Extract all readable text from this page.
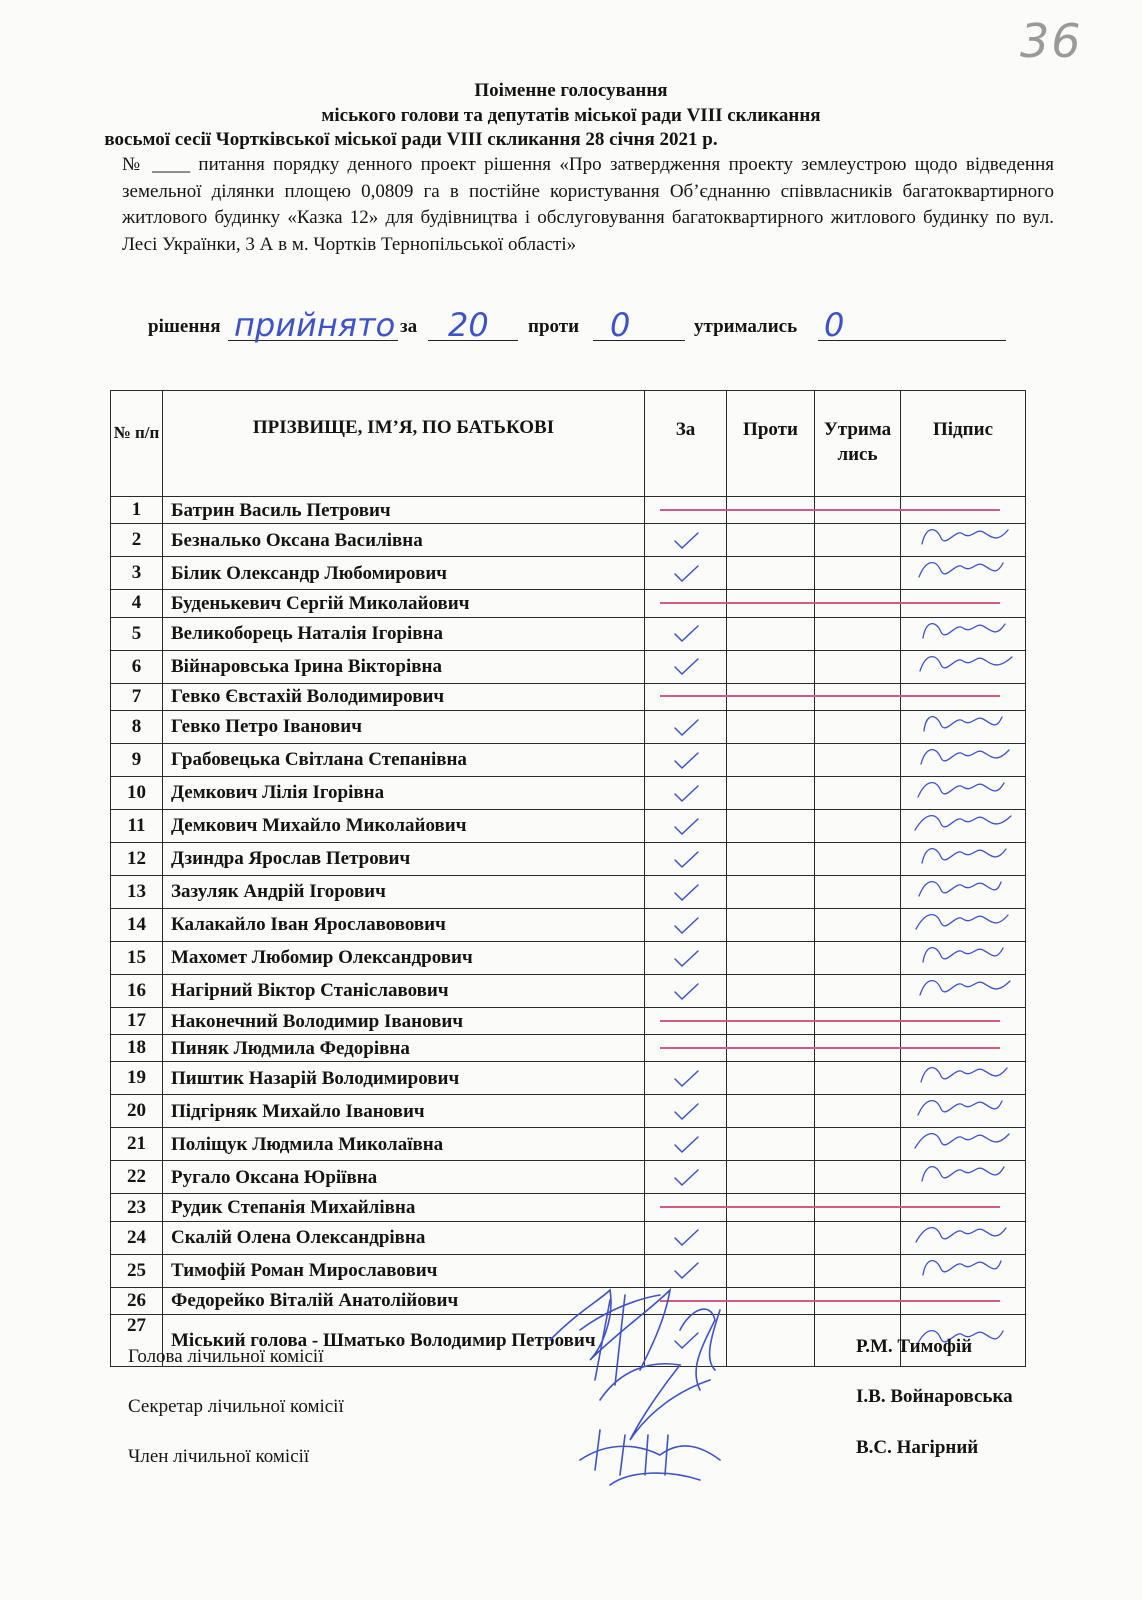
36
Поіменне голосування
міського голови та депутатів міської ради VIII скликання
восьмої сесії Чортківської міської ради VIII скликання 28 січня 2021 р.
№ ____ питання порядку денного проект рішення «Про затвердження проекту землеустрою щодо відведення земельної ділянки площею 0,0809 га в постійне користування Об’єднанню співвласників багатоквартирного житлового будинку «Казка 12» для будівництва і обслуговування багатоквартирного житлового будинку по вул. Лесі Українки, 3 А в м. Чортків Тернопільської області»
рішення прийнято за 20 проти 0	утримались 0
№ п/п	ПРІЗВИЩЕ, ІМ’Я, ПО БАТЬКОВІ	За	Проти	Утримались	Підпис
1	Батрин Василь Петрович				
2	Безналько Оксана Василівна				
3	Білик Олександр Любомирович				
4	Буденькевич Сергій Миколайович				
5	Великоборець Наталія Ігорівна				
6	Війнаровська Ірина Вікторівна				
7	Гевко Євстахій Володимирович				
8	Гевко Петро Іванович				
9	Грабовецька Світлана Степанівна				
10	Демкович Лілія Ігорівна				
11	Демкович Михайло Миколайович				
12	Дзиндра Ярослав Петрович				
13	Зазуляк Андрій Ігорович				
14	Калакайло Іван Ярославовович				
15	Махомет Любомир Олександрович				
16	Нагірний Віктор Станіславович				
17	Наконечний Володимир Іванович				
18	Пиняк Людмила Федорівна				
19	Пиштик Назарій Володимирович				
20	Підгірняк Михайло Іванович				
21	Поліщук Людмила Миколаївна				
22	Ругало Оксана Юріївна				
23	Рудик Степанія Михайлівна				
24	Скалій Олена Олександрівна				
25	Тимофій Роман Мирославович				
26	Федорейко Віталій Анатолійович				
27	Міський голова - Шматько Володимир Петрович				
Голова лічильної комісії
Секретар лічильної комісії
Член лічильної комісії
Р.М. Тимофій
І.В. Войнаровська
В.С. Нагірний
